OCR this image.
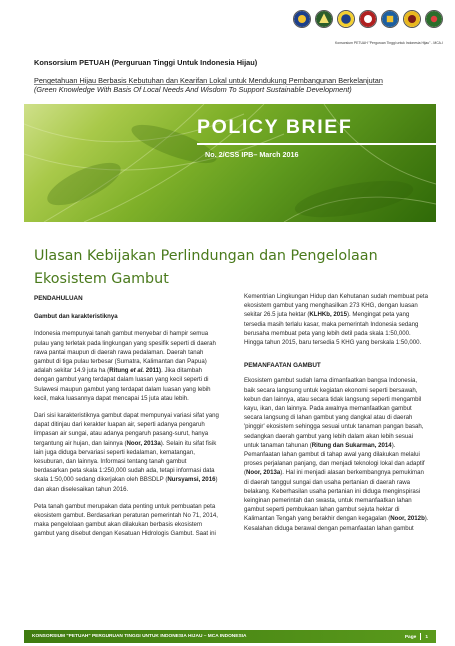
Konsorsium PETUAH "Perguruan Tinggi untuk Indonesia Hijau" - MCA-I
Konsorsium PETUAH (Perguruan Tinggi Untuk Indonesia Hijau)
Pengetahuan Hijau Berbasis Kebutuhan dan Kearifan Lokal untuk Mendukung Pembangunan Berkelanjutan
(Green Knowledge With Basis Of Local Needs And Wisdom To Support Sustainable Development)
POLICY BRIEF
No. 2/CSS IPB– March 2016
Ulasan Kebijakan Perlindungan dan Pengelolaan Ekosistem Gambut
PENDAHULUAN
Gambut dan karakteristiknya

Indonesia mempunyai tanah gambut menyebar di hampir semua pulau yang terletak pada lingkungan yang spesifik seperti di daerah rawa pantai maupun di daerah rawa pedalaman. Daerah tanah gambut di tiga pulau terbesar (Sumatra, Kalimantan dan Papua) adalah sekitar 14.9 juta ha (Ritung et al. 2011). Jika ditambah dengan gambut yang terdapat dalam luasan yang kecil seperti di Sulawesi maupun gambut yang terdapat dalam luasan yang lebih kecil, maka luasannya dapat mencapai 15 juta atau lebih.

Dari sisi karakteristiknya gambut dapat mempunyai variasi sifat yang dapat ditinjau dari kerakter luapan air, seperti adanya pengaruh limpasan air sungai, atau adanya pengaruh pasang-surut, hanya tergantung air hujan, dan lainnya (Noor, 2013a). Selain itu sifat fisik lain juga diduga bervariasi seperti kedalaman, kematangan, kesuburan, dan lainnya. Informasi tentang tanah gambut berdasarkan peta skala 1:250,000 sudah ada, tetapi informasi data skala 1:50,000 sedang dikerjakan oleh BBSDLP (Nursyamsi, 2016) dan akan diselesaikan tahun 2016.

Peta tanah gambut merupakan data penting untuk pembuatan peta ekosistem gambut. Berdasarkan peraturan pemerintah No 71, 2014, maka pengelolaan gambut akan dilakukan berbasis ekosistem gambut yang disebut dengan Kesatuan Hidrologis Gambut. Saat ini

Kementrian Lingkungan Hidup dan Kehutanan sudah membuat peta ekosistem gambut yang menghasilkan 273 KHG, dengan luasan sekitar 26.5 juta hektar (KLHKb, 2015). Mengingat peta yang tersedia masih terlalu kasar, maka pemerintah Indonesia sedang berusaha membuat peta yang lebih detil pada skala 1:50,000. Hingga tahun 2015, baru tersedia 5 KHG yang berskala 1:50,000.

PEMANFAATAN GAMBUT

Ekosistem gambut sudah lama dimanfaatkan bangsa Indonesia, baik secara langsung untuk kegiatan ekonomi seperti bersawah, kebun dan lainnya, atau secara tidak langsung seperti mengambil kayu, ikan, dan lainnya. Pada awalnya memanfaatkan gambut secara langsung di lahan gambut yang dangkal atau di daerah 'pinggir' ekosistem sehingga sesuai untuk tanaman pangan basah, sedangkan daerah gambut yang lebih dalam akan lebih sesuai untuk tanaman tahunan (Ritung dan Sukarman, 2014). Pemanfaatan lahan gambut di tahap awal yang dilakukan melalui proses perjalanan panjang, dan menjadi teknologi lokal dan adaptif (Noor, 2013a). Hal ini menjadi alasan berkembangnya pemukiman di daerah tanggul sungai dan usaha pertanian di daerah rawa belakang. Keberhasilan usaha pertanian ini diduga menginspirasi keinginan pemerintah dan swasta, untuk memanfaatkan lahan gambut seperti pembukaan lahan gambut sejuta hektar di Kalimantan Tengah yang berakhir dengan kegagalan (Noor, 2012b). Kesalahan diduga berawal dengan pemanfaatan lahan gambut

KONSORSIUM "PETUAH" PERGURUAN TINGGI UNTUK INDONESIA HIJAU – MCA INDONESIA	Page 1
